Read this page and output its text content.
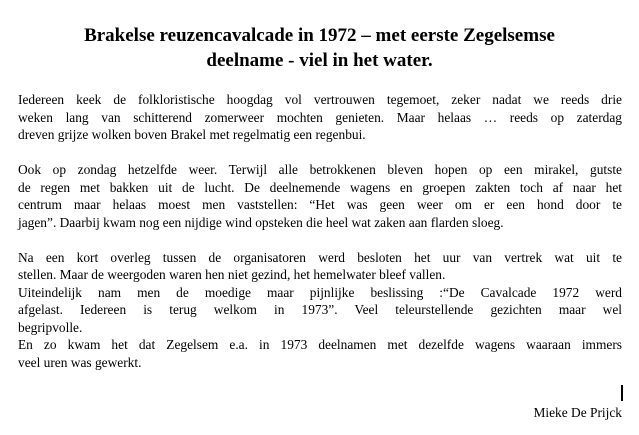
Brakelse reuzencavalcade in 1972 – met eerste Zegelsemse
deelname - viel in het water.
Iedereen keek de folkloristische hoogdag vol vertrouwen tegemoet, zeker nadat we reeds drie
weken lang van schitterend zomerweer mochten genieten. Maar helaas … reeds op zaterdag
dreven grijze wolken boven Brakel met regelmatig een regenbui.
Ook op zondag hetzelfde weer. Terwijl alle betrokkenen bleven hopen op een mirakel, gutste
de regen met bakken uit de lucht. De deelnemende wagens en groepen zakten toch af naar het
centrum maar helaas moest men vaststellen: “Het was geen weer om er een hond door te
jagen”. Daarbij kwam nog een nijdige wind opsteken die heel wat zaken aan flarden sloeg.
Na een kort overleg tussen de organisatoren werd besloten het uur van vertrek wat uit te
stellen. Maar de weergoden waren hen niet gezind, het hemelwater bleef vallen.
Uiteindelijk nam men de moedige maar pijnlijke beslissing :“De Cavalcade 1972 werd
afgelast. Iedereen is terug welkom in 1973”. Veel teleurstellende gezichten maar wel
begripvolle.
En zo kwam het dat Zegelsem e.a. in 1973 deelnamen met dezelfde wagens waaraan immers
veel uren was gewerkt.
Mieke De Prijck
